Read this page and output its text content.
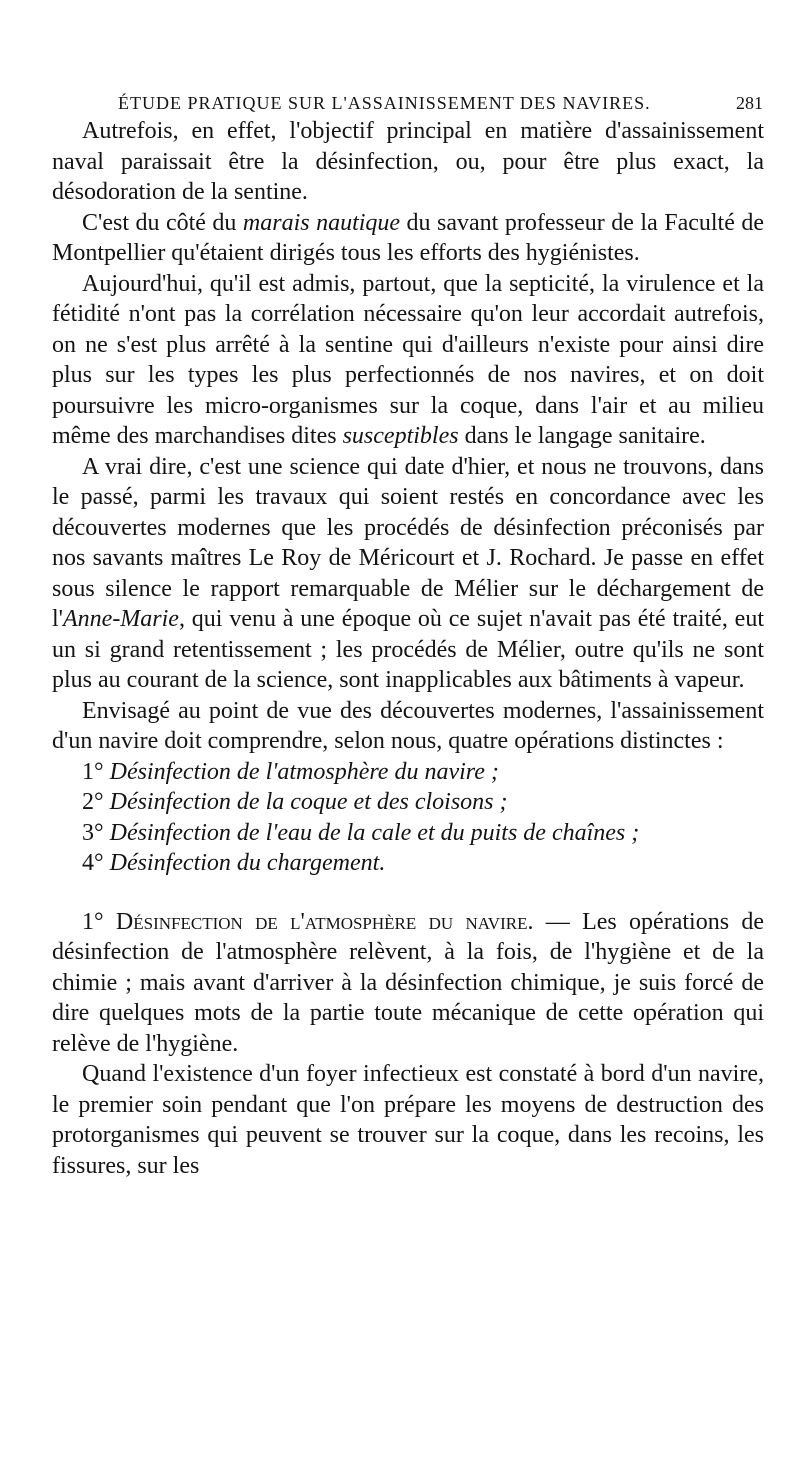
ÉTUDE PRATIQUE SUR L'ASSAINISSEMENT DES NAVIRES.	281

Autrefois, en effet, l'objectif principal en matière d'assainissement naval paraissait être la désinfection, ou, pour être plus exact, la désodoration de la sentine.

C'est du côté du marais nautique du savant professeur de la Faculté de Montpellier qu'étaient dirigés tous les efforts des hygiénistes.

Aujourd'hui, qu'il est admis, partout, que la septicité, la virulence et la fétidité n'ont pas la corrélation nécessaire qu'on leur accordait autrefois, on ne s'est plus arrêté à la sentine qui d'ailleurs n'existe pour ainsi dire plus sur les types les plus perfectionnés de nos navires, et on doit poursuivre les micro-organismes sur la coque, dans l'air et au milieu même des marchandises dites susceptibles dans le langage sanitaire.

A vrai dire, c'est une science qui date d'hier, et nous ne trouvons, dans le passé, parmi les travaux qui soient restés en concordance avec les découvertes modernes que les procédés de désinfection préconisés par nos savants maîtres Le Roy de Méricourt et J. Rochard. Je passe en effet sous silence le rapport remarquable de Mélier sur le déchargement de l'Anne-Marie, qui venu à une époque où ce sujet n'avait pas été traité, eut un si grand retentissement ; les procédés de Mélier, outre qu'ils ne sont plus au courant de la science, sont inapplicables aux bâtiments à vapeur.

Envisagé au point de vue des découvertes modernes, l'assainissement d'un navire doit comprendre, selon nous, quatre opérations distinctes :

1° Désinfection de l'atmosphère du navire ;
2° Désinfection de la coque et des cloisons ;
3° Désinfection de l'eau de la cale et du puits de chaînes ;
4° Désinfection du chargement.

1° Désinfection de l'atmosphère du navire. — Les opérations de désinfection de l'atmosphère relèvent, à la fois, de l'hygiène et de la chimie ; mais avant d'arriver à la désinfection chimique, je suis forcé de dire quelques mots de la partie toute mécanique de cette opération qui relève de l'hygiène.

Quand l'existence d'un foyer infectieux est constaté à bord d'un navire, le premier soin pendant que l'on prépare les moyens de destruction des protorganismes qui peuvent se trouver sur la coque, dans les recoins, les fissures, sur les
